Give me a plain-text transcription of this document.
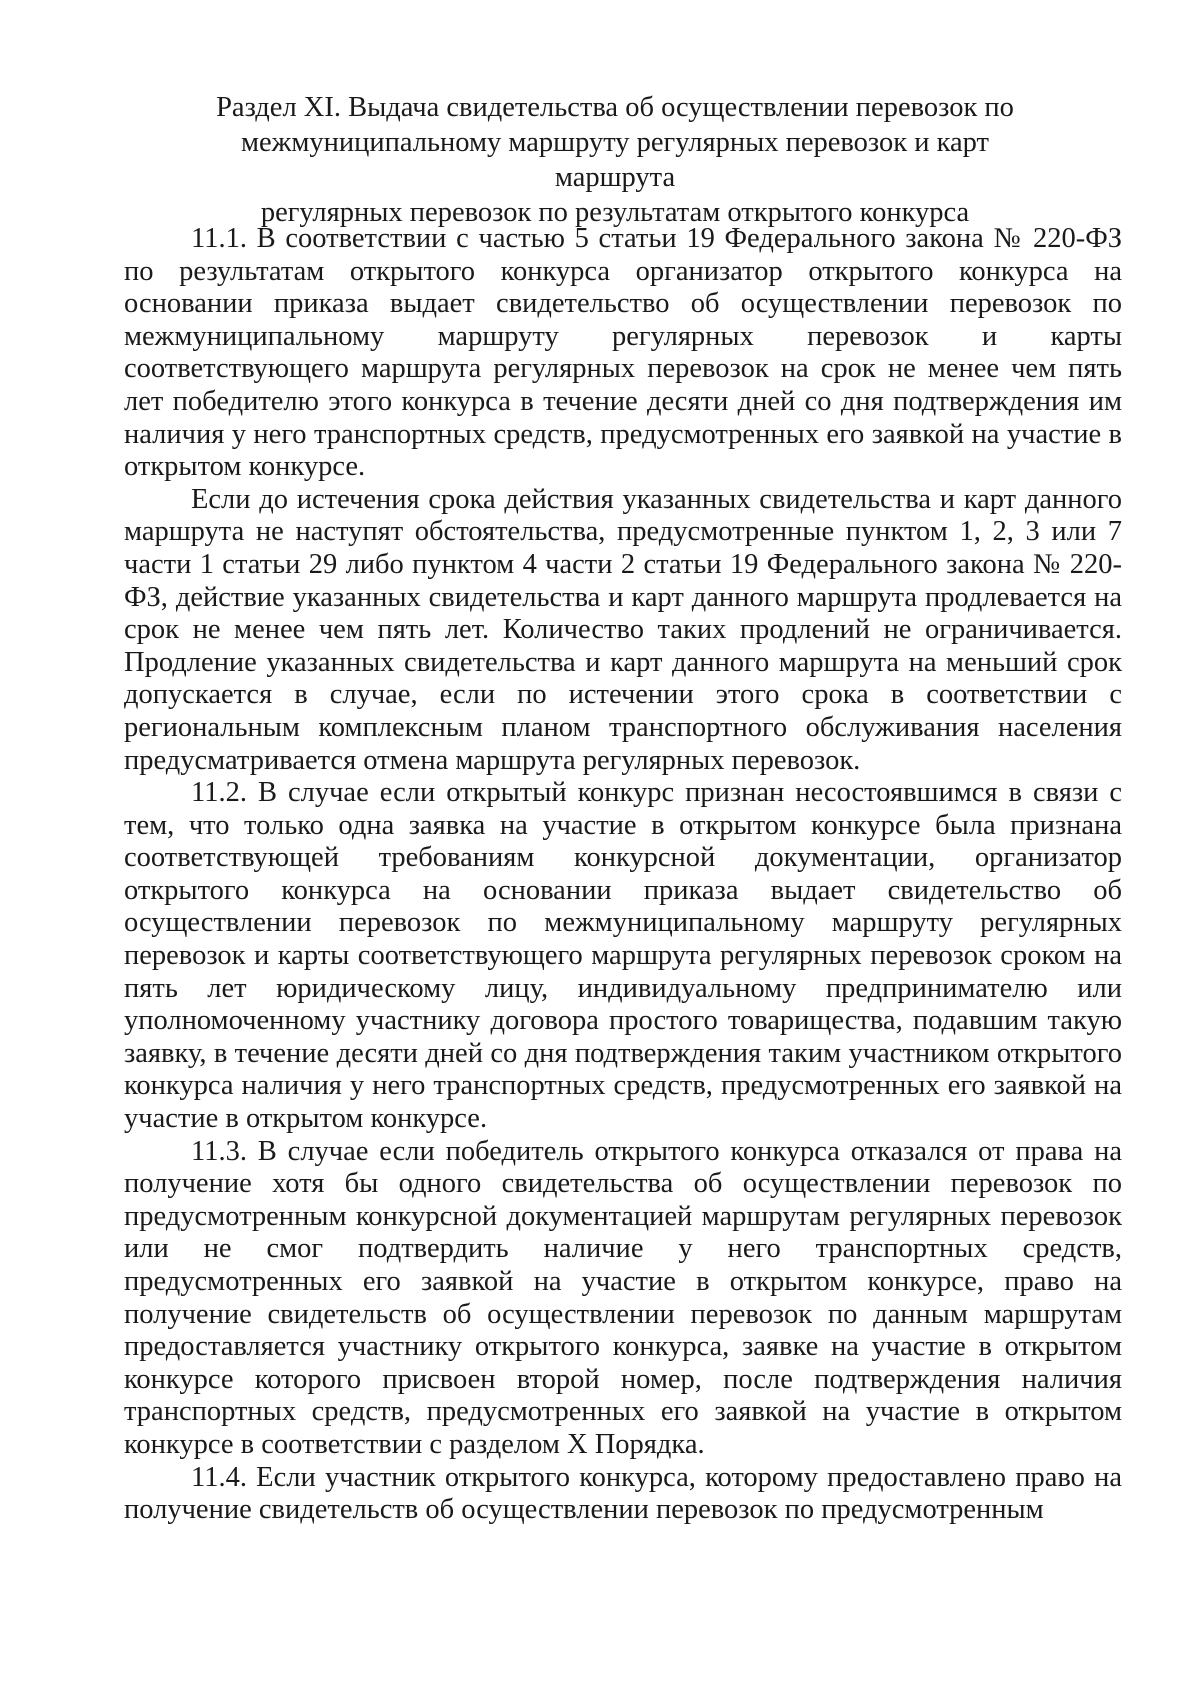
Раздел XI. Выдача свидетельства об осуществлении перевозок по
межмуниципальному маршруту регулярных перевозок и карт маршрута
регулярных перевозок по результатам открытого конкурса

11.1. В соответствии с частью 5 статьи 19 Федерального закона № 220-ФЗ по результатам открытого конкурса организатор открытого конкурса на основании приказа выдает свидетельство об осуществлении перевозок по межмуниципальному маршруту регулярных перевозок и карты соответствующего маршрута регулярных перевозок на срок не менее чем пять лет победителю этого конкурса в течение десяти дней со дня подтверждения им наличия у него транспортных средств, предусмотренных его заявкой на участие в открытом конкурсе.

Если до истечения срока действия указанных свидетельства и карт данного маршрута не наступят обстоятельства, предусмотренные пунктом 1, 2, 3 или 7 части 1 статьи 29 либо пунктом 4 части 2 статьи 19 Федерального закона № 220-ФЗ, действие указанных свидетельства и карт данного маршрута продлевается на срок не менее чем пять лет. Количество таких продлений не ограничивается. Продление указанных свидетельства и карт данного маршрута на меньший срок допускается в случае, если по истечении этого срока в соответствии с региональным комплексным планом транспортного обслуживания населения предусматривается отмена маршрута регулярных перевозок.

11.2. В случае если открытый конкурс признан несостоявшимся в связи с тем, что только одна заявка на участие в открытом конкурсе была признана соответствующей требованиям конкурсной документации, организатор открытого конкурса на основании приказа выдает свидетельство об осуществлении перевозок по межмуниципальному маршруту регулярных перевозок и карты соответствующего маршрута регулярных перевозок сроком на пять лет юридическому лицу, индивидуальному предпринимателю или уполномоченному участнику договора простого товарищества, подавшим такую заявку, в течение десяти дней со дня подтверждения таким участником открытого конкурса наличия у него транспортных средств, предусмотренных его заявкой на участие в открытом конкурсе.

11.3. В случае если победитель открытого конкурса отказался от права на получение хотя бы одного свидетельства об осуществлении перевозок по предусмотренным конкурсной документацией маршрутам регулярных перевозок или не смог подтвердить наличие у него транспортных средств, предусмотренных его заявкой на участие в открытом конкурсе, право на получение свидетельств об осуществлении перевозок по данным маршрутам предоставляется участнику открытого конкурса, заявке на участие в открытом конкурсе которого присвоен второй номер, после подтверждения наличия транспортных средств, предусмотренных его заявкой на участие в открытом конкурсе в соответствии с разделом X Порядка.

11.4. Если участник открытого конкурса, которому предоставлено право на получение свидетельств об осуществлении перевозок по предусмотренным
